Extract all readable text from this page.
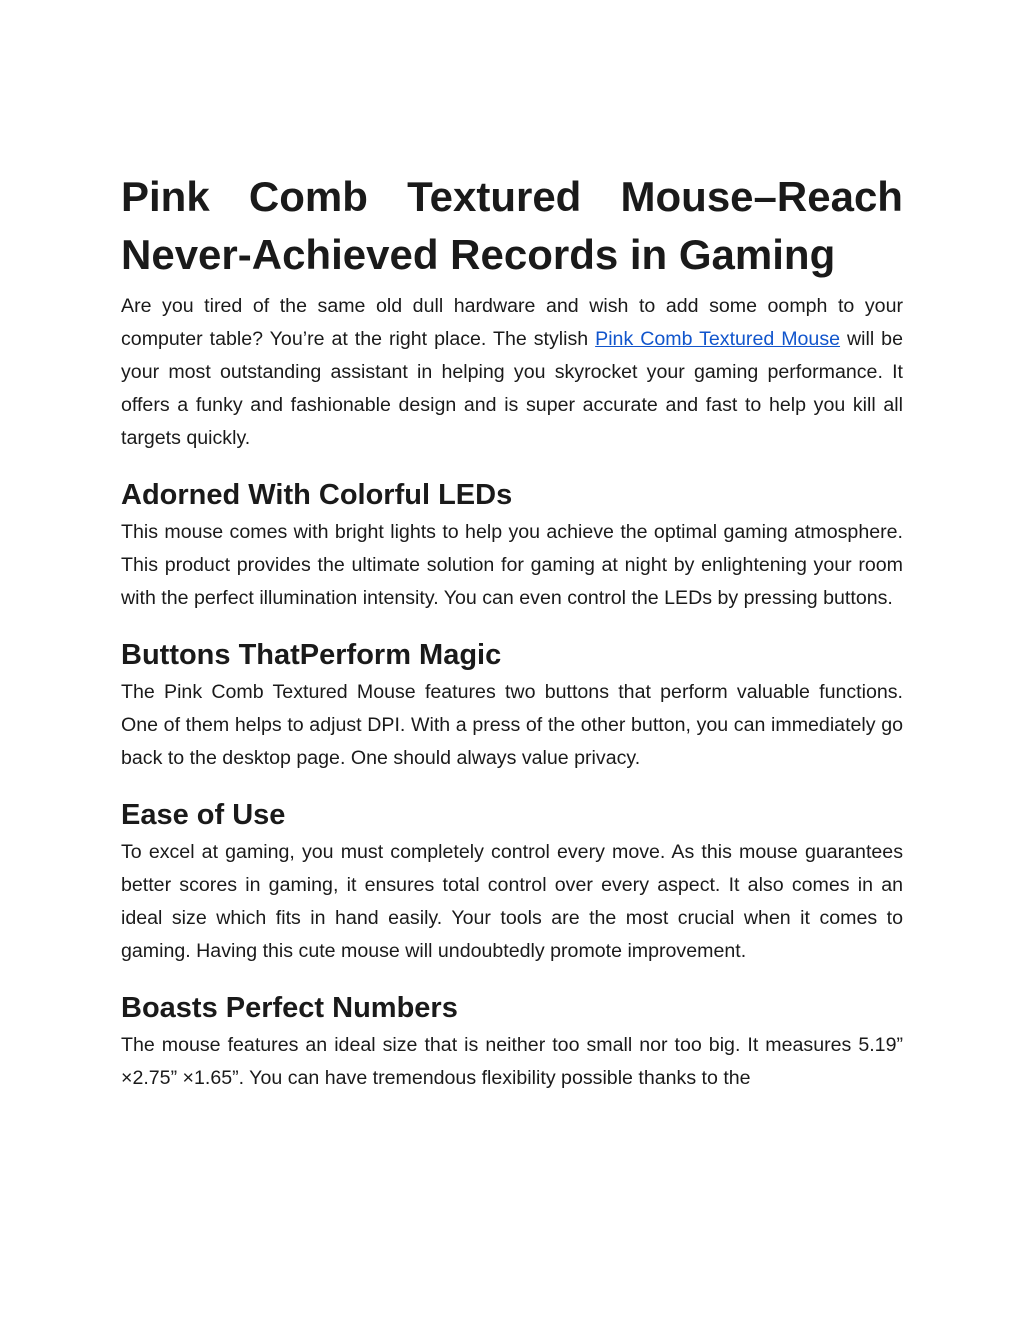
Pink Comb Textured Mouse–Reach
Never-Achieved Records in Gaming

Are you tired of the same old dull hardware and wish to add some oomph to your computer table? You’re at the right place. The stylish Pink Comb Textured Mouse will be your most outstanding assistant in helping you skyrocket your gaming performance. It offers a funky and fashionable design and is super accurate and fast to help you kill all targets quickly.

Adorned With Colorful LEDs

This mouse comes with bright lights to help you achieve the optimal gaming atmosphere. This product provides the ultimate solution for gaming at night by enlightening your room with the perfect illumination intensity. You can even control the LEDs by pressing buttons.

Buttons ThatPerform Magic

The Pink Comb Textured Mouse features two buttons that perform valuable functions. One of them helps to adjust DPI. With a press of the other button, you can immediately go back to the desktop page. One should always value privacy.

Ease of Use

To excel at gaming, you must completely control every move. As this mouse guarantees better scores in gaming, it ensures total control over every aspect. It also comes in an ideal size which fits in hand easily. Your tools are the most crucial when it comes to gaming. Having this cute mouse will undoubtedly promote improvement.

Boasts Perfect Numbers

The mouse features an ideal size that is neither too small nor too big. It measures 5.19” ×2.75” ×1.65”. You can have tremendous flexibility possible thanks to the
